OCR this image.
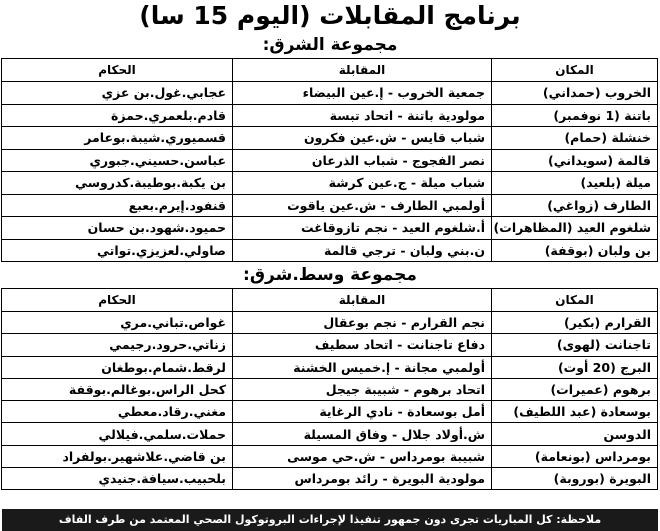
برنامج المقابلات (اليوم 15 سا)
مجموعة الشرق:
المكان	المقابلة	الحكام
الخروب (حمداني)	جمعية الخروب - إ.عين البيضاء	عجابي.غول.بن عزي
باتنة (1 نوفمبر)	مولودية باتنة - اتحاد تبسة	قادم.بلعمري.حمزة
خنشلة (حمام)	شباب قايس - ش.عين فكرون	قسميوري.شيبة.بوعامر
قالمة (سويداني)	نصر الفجوج - شباب الذرعان	عباسن.حسيني.جبوري
ميلة (بلعيد)	شباب ميلة - ج.عين كرشة	بن يكبة.بوطيبة.كدروسي
الطارف (زواغي)	أولمبي الطارف - ش.عين ياقوت	قنفود.إيرم.بعبع
شلغوم العيد (المظاهرات)	أ.شلغوم العيد - نجم تازوقاغت	حميود.شهود.بن حسان
بن ولبان (بوقفة)	ن.بني ولبان - ترجي قالمة	صاولي.لعزيزي.تواتي
مجموعة وسط.شرق:
المكان	المقابلة	الحكام
القرارم (بكير)	نجم القرارم - نجم بوعقال	غواص.تباني.مري
تاجنانت (لهوى)	دفاع تاجنانت - اتحاد سطيف	زناتي.حرود.رجيمي
البرج (20 أوت)	أولمبي مجانة - إ.خميس الخشنة	لرقط.شمام.بوطغان
برهوم (عميرات)	اتحاد برهوم - شبيبة جيجل	كحل الراس.بوغالم.بوقفة
بوسعادة (عبد اللطيف)	أمل بوسعادة - نادي الرغاية	مغني.رقاد.معطي
الدوسن	ش.أولاد جلال - وفاق المسيلة	حملات.سلمي.فيلالي
بومرداس (بونعامة)	شبيبة بومرداس - ش.حي موسى	بن قاضي.علاشهير.بولفراد
البويرة (بوروبة)	مولودية البويرة - رائد بومرداس	بلحبيب.سيافة.جنيدي
ملاحظة: كل المباريات تجرى دون جمهور تنفيذا لإجراءات البروتوكول الصحي المعتمد من طرف الفاف
